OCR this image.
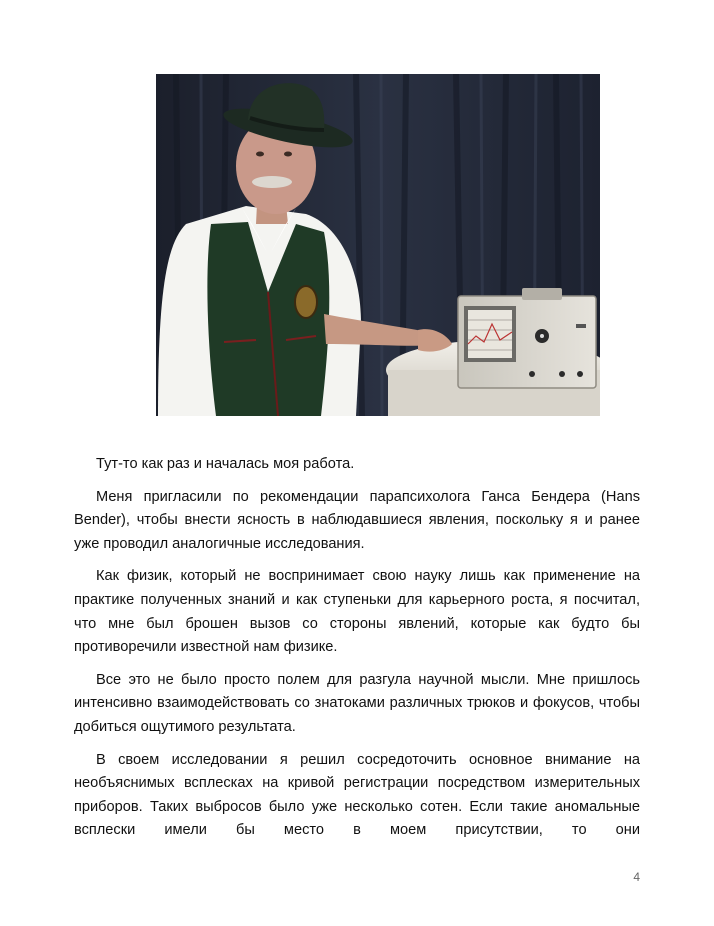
Тут-то как раз и началась моя работа.

Меня пригласили по рекомендации парапсихолога Ганса Бендера (Hans Bender), чтобы внести ясность в наблюдавшиеся явления, поскольку я и ранее уже проводил аналогичные исследования.

Как физик, который не воспринимает свою науку лишь как применение на практике полученных знаний и как ступеньки для карьерного роста, я посчитал, что мне был брошен вызов со стороны явлений, которые как будто бы противоречили известной нам физике.

Все это не было просто полем для разгула научной мысли. Мне пришлось интенсивно взаимодействовать со знатоками различных трюков и фокусов, чтобы добиться ощутимого результата.

В своем исследовании я решил сосредоточить основное внимание на необъяснимых всплесках на кривой регистрации посредством измерительных приборов. Таких выбросов было уже несколько сотен. Если такие аномальные всплески имели бы место в моем присутствии, то они

4
